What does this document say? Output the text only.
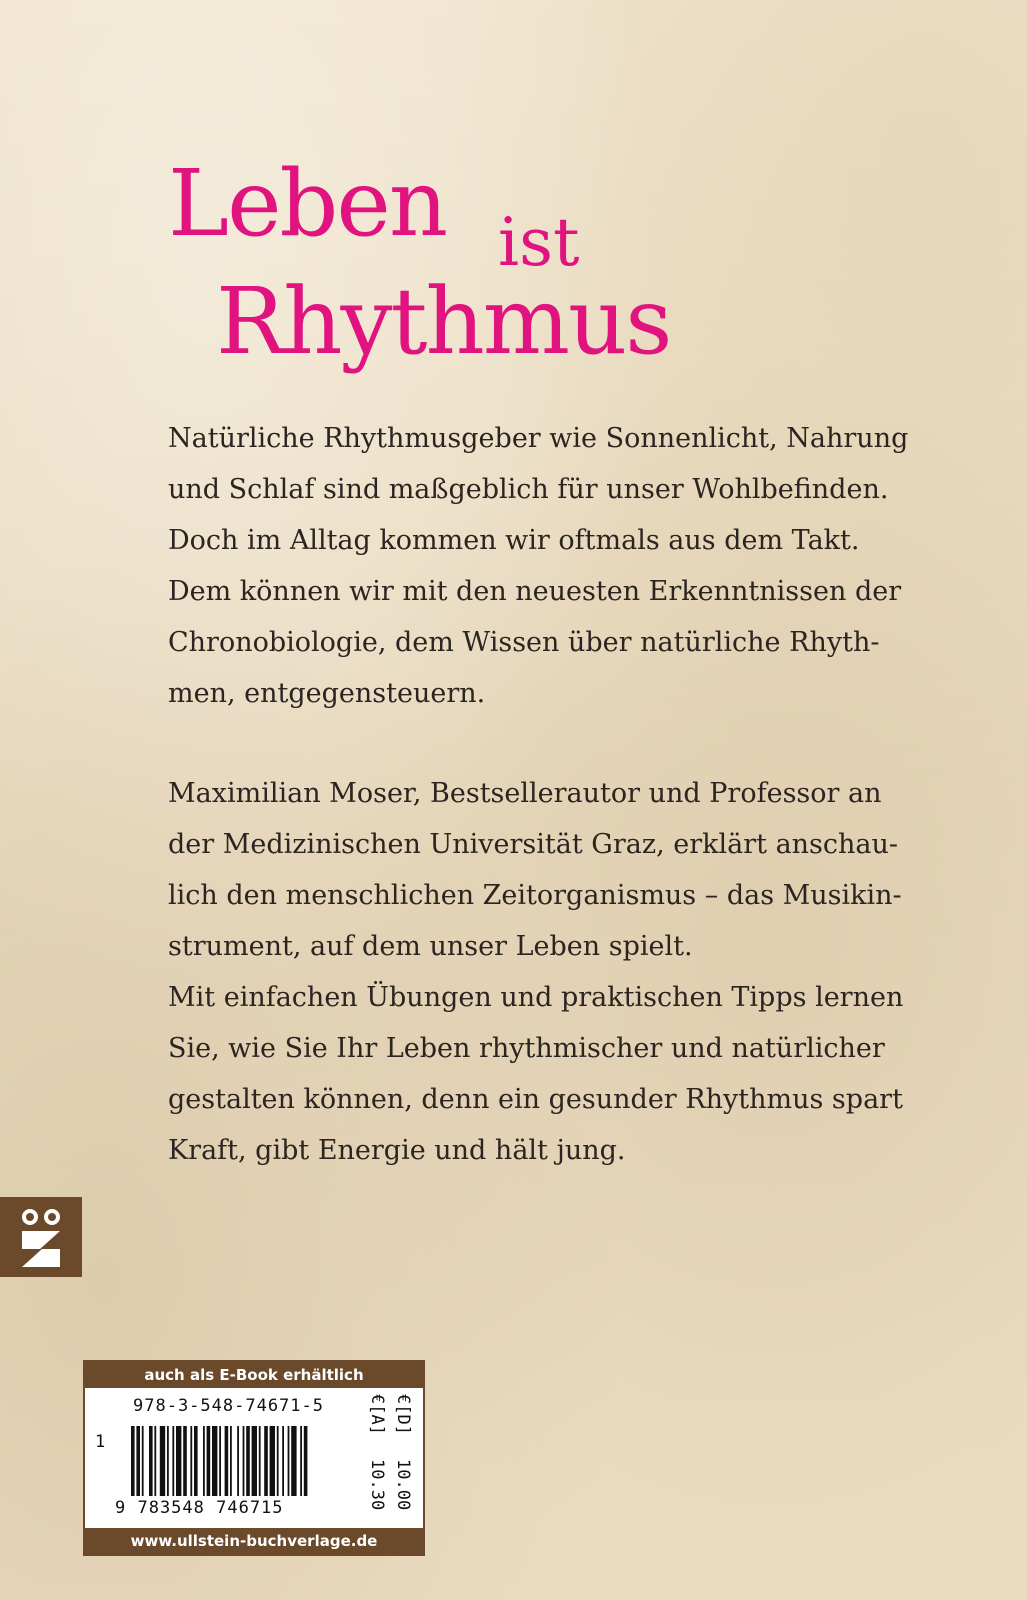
Leben ist
Rhythmus
Natürliche Rhythmusgeber wie Sonnenlicht, Nahrung
und Schlaf sind maßgeblich für unser Wohlbefinden.
Doch im Alltag kommen wir oftmals aus dem Takt.
Dem können wir mit den neuesten Erkenntnissen der
Chronobiologie, dem Wissen über natürliche Rhyth-
men, entgegensteuern.
Maximilian Moser, Bestsellerautor und Professor an
der Medizinischen Universität Graz, erklärt anschau-
lich den menschlichen Zeitorganismus – das Musikin-
strument, auf dem unser Leben spielt.
Mit einfachen Übungen und praktischen Tipps lernen
Sie, wie Sie Ihr Leben rhythmischer und natürlicher
gestalten können, denn ein gesunder Rhythmus spart
Kraft, gibt Energie und hält jung.
auch als E-Book erhältlich
978-3-548-74671-5
1
9 783548 746715
€[D] 10.00
€[A] 10.30
www.ullstein-buchverlage.de
